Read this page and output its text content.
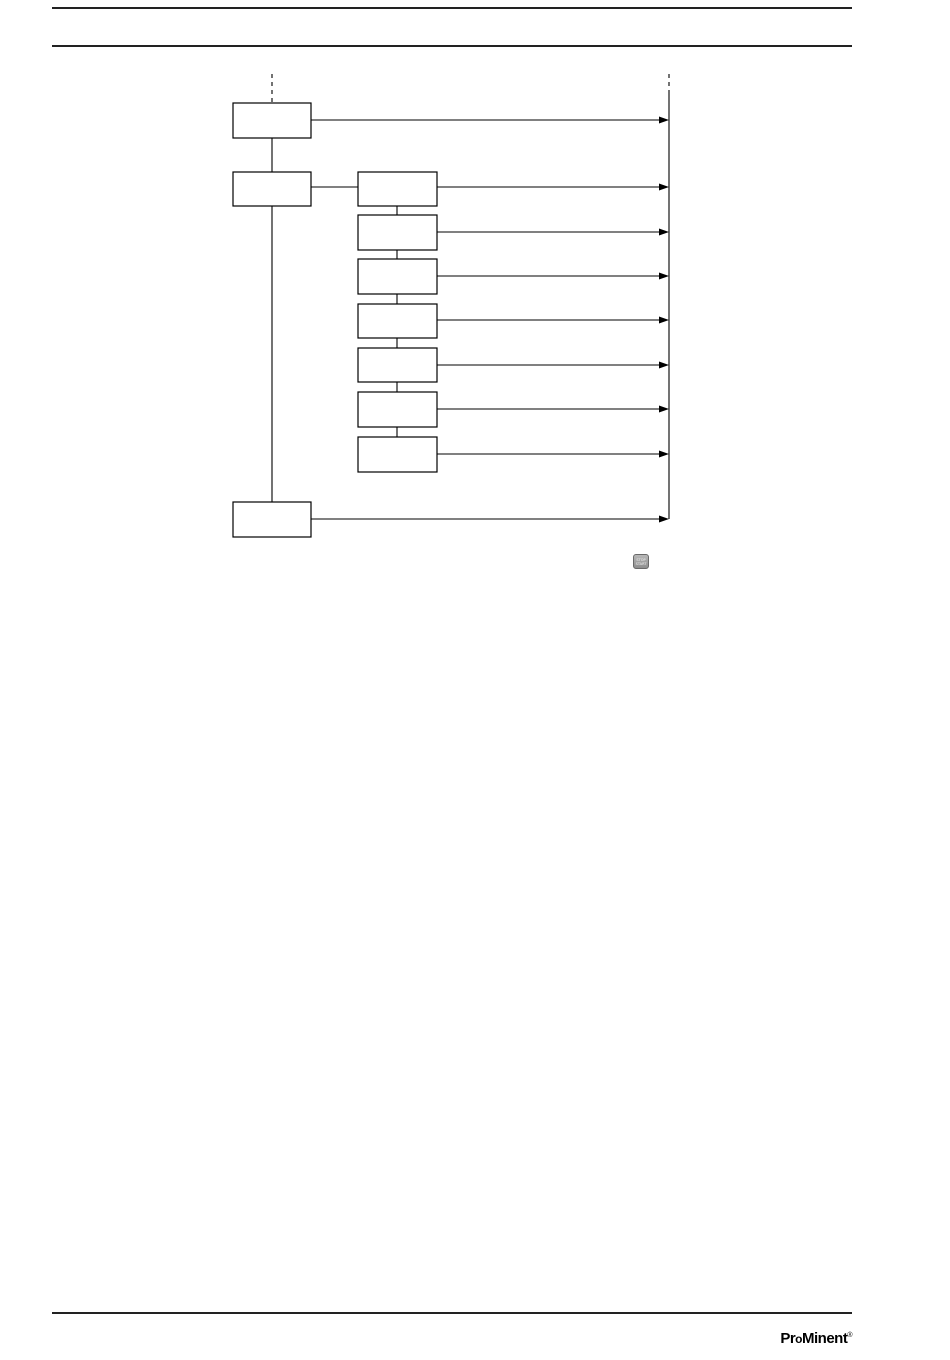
STOP
START
ProMinent®
